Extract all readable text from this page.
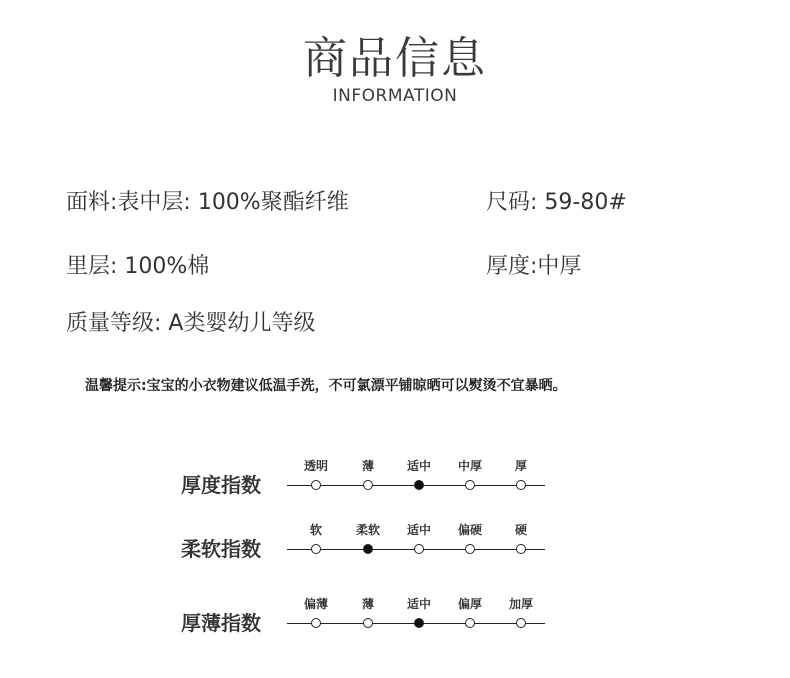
商品信息
INFORMATION
面料:表中层: 100%聚酯纤维	尺码: 59-80#
里层: 100%棉	厚度:中厚
质量等级: A类婴幼儿等级
温馨提示:宝宝的小衣物建议低温手洗，不可氯漂平铺晾晒可以熨烫不宜暴晒。
厚度指数
透明	薄	适中	中厚	厚
柔软指数
软	柔软	适中	偏硬	硬
厚薄指数
偏薄	薄	适中	偏厚	加厚
